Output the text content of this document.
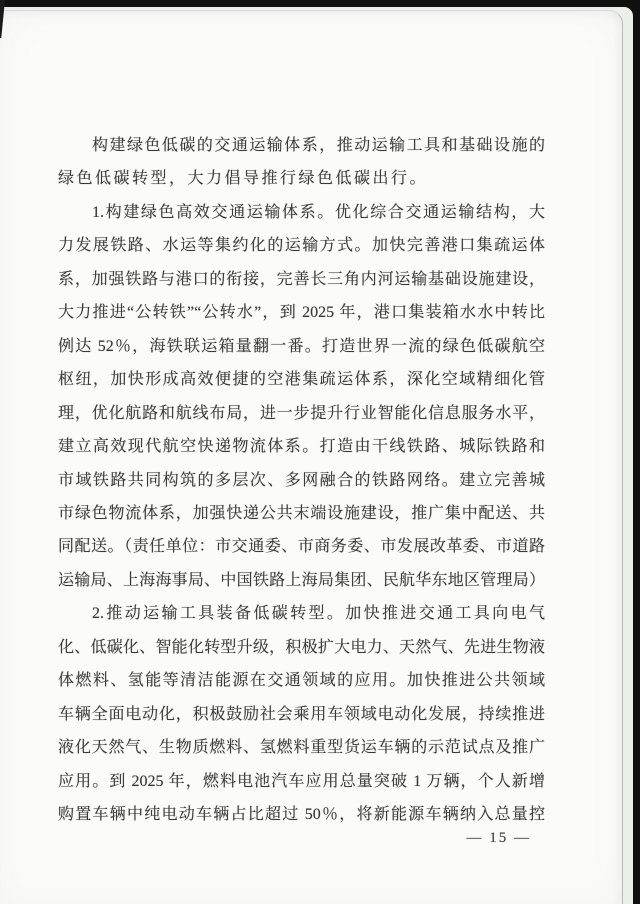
构建绿色低碳的交通运输体系，推动运输工具和基础设施的
绿色低碳转型，大力倡导推行绿色低碳出行。
1.构建绿色高效交通运输体系。优化综合交通运输结构，大
力发展铁路、水运等集约化的运输方式。加快完善港口集疏运体
系，加强铁路与港口的衔接，完善长三角内河运输基础设施建设，
大力推进“公转铁”“公转水”，到 2025 年，港口集装箱水水中转比
例达 52％，海铁联运箱量翻一番。打造世界一流的绿色低碳航空
枢纽，加快形成高效便捷的空港集疏运体系，深化空域精细化管
理，优化航路和航线布局，进一步提升行业智能化信息服务水平，
建立高效现代航空快递物流体系。打造由干线铁路、城际铁路和
市域铁路共同构筑的多层次、多网融合的铁路网络。建立完善城
市绿色物流体系，加强快递公共末端设施建设，推广集中配送、共
同配送。（责任单位：市交通委、市商务委、市发展改革委、市道路
运输局、上海海事局、中国铁路上海局集团、民航华东地区管理局）
2.推动运输工具装备低碳转型。加快推进交通工具向电气
化、低碳化、智能化转型升级，积极扩大电力、天然气、先进生物液
体燃料、氢能等清洁能源在交通领域的应用。加快推进公共领域
车辆全面电动化，积极鼓励社会乘用车领域电动化发展，持续推进
液化天然气、生物质燃料、氢燃料重型货运车辆的示范试点及推广
应用。到 2025 年，燃料电池汽车应用总量突破 1 万辆，个人新增
购置车辆中纯电动车辆占比超过 50％，将新能源车辆纳入总量控
— 15 —
